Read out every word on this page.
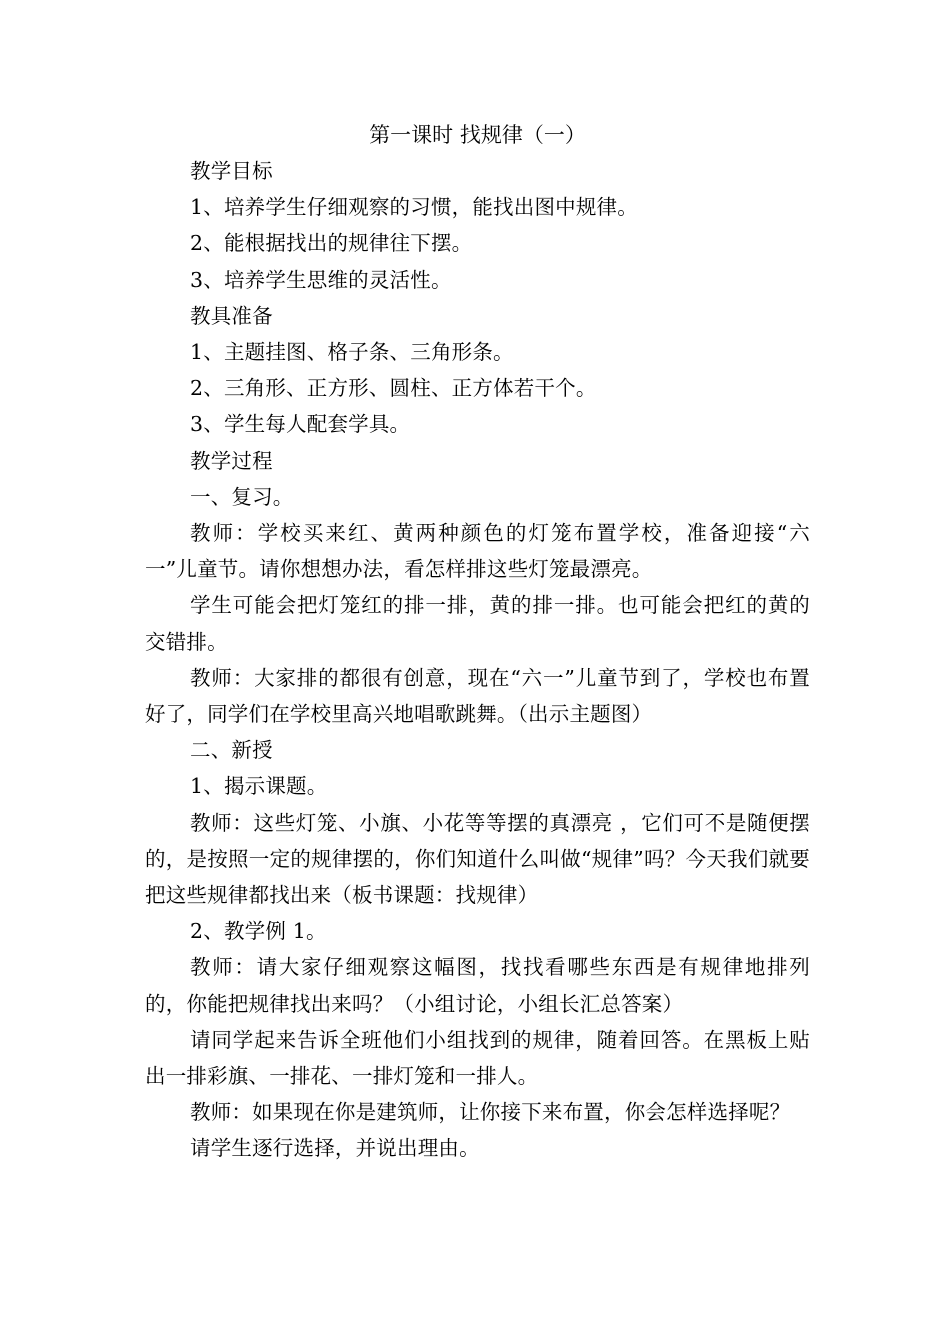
第一课时 找规律（一）

教学目标

1、培养学生仔细观察的习惯，能找出图中规律。

2、能根据找出的规律往下摆。

3、培养学生思维的灵活性。

教具准备

1、主题挂图、格子条、三角形条。

2、三角形、正方形、圆柱、正方体若干个。

3、学生每人配套学具。

教学过程

一、复习。

教师：学校买来红、黄两种颜色的灯笼布置学校，准备迎接“六一”儿童节。请你想想办法，看怎样排这些灯笼最漂亮。

学生可能会把灯笼红的排一排，黄的排一排。也可能会把红的黄的交错排。

教师：大家排的都很有创意，现在“六一”儿童节到了，学校也布置好了，同学们在学校里高兴地唱歌跳舞。（出示主题图）

二、新授

1、揭示课题。

教师：这些灯笼、小旗、小花等等摆的真漂亮 ，它们可不是随便摆的，是按照一定的规律摆的，你们知道什么叫做“规律”吗？今天我们就要把这些规律都找出来（板书课题：找规律）

2、教学例 1。

教师：请大家仔细观察这幅图，找找看哪些东西是有规律地排列的，你能把规律找出来吗？（小组讨论，小组长汇总答案）

请同学起来告诉全班他们小组找到的规律，随着回答。在黑板上贴出一排彩旗、一排花、一排灯笼和一排人。

教师：如果现在你是建筑师，让你接下来布置，你会怎样选择呢？

请学生逐行选择，并说出理由。
